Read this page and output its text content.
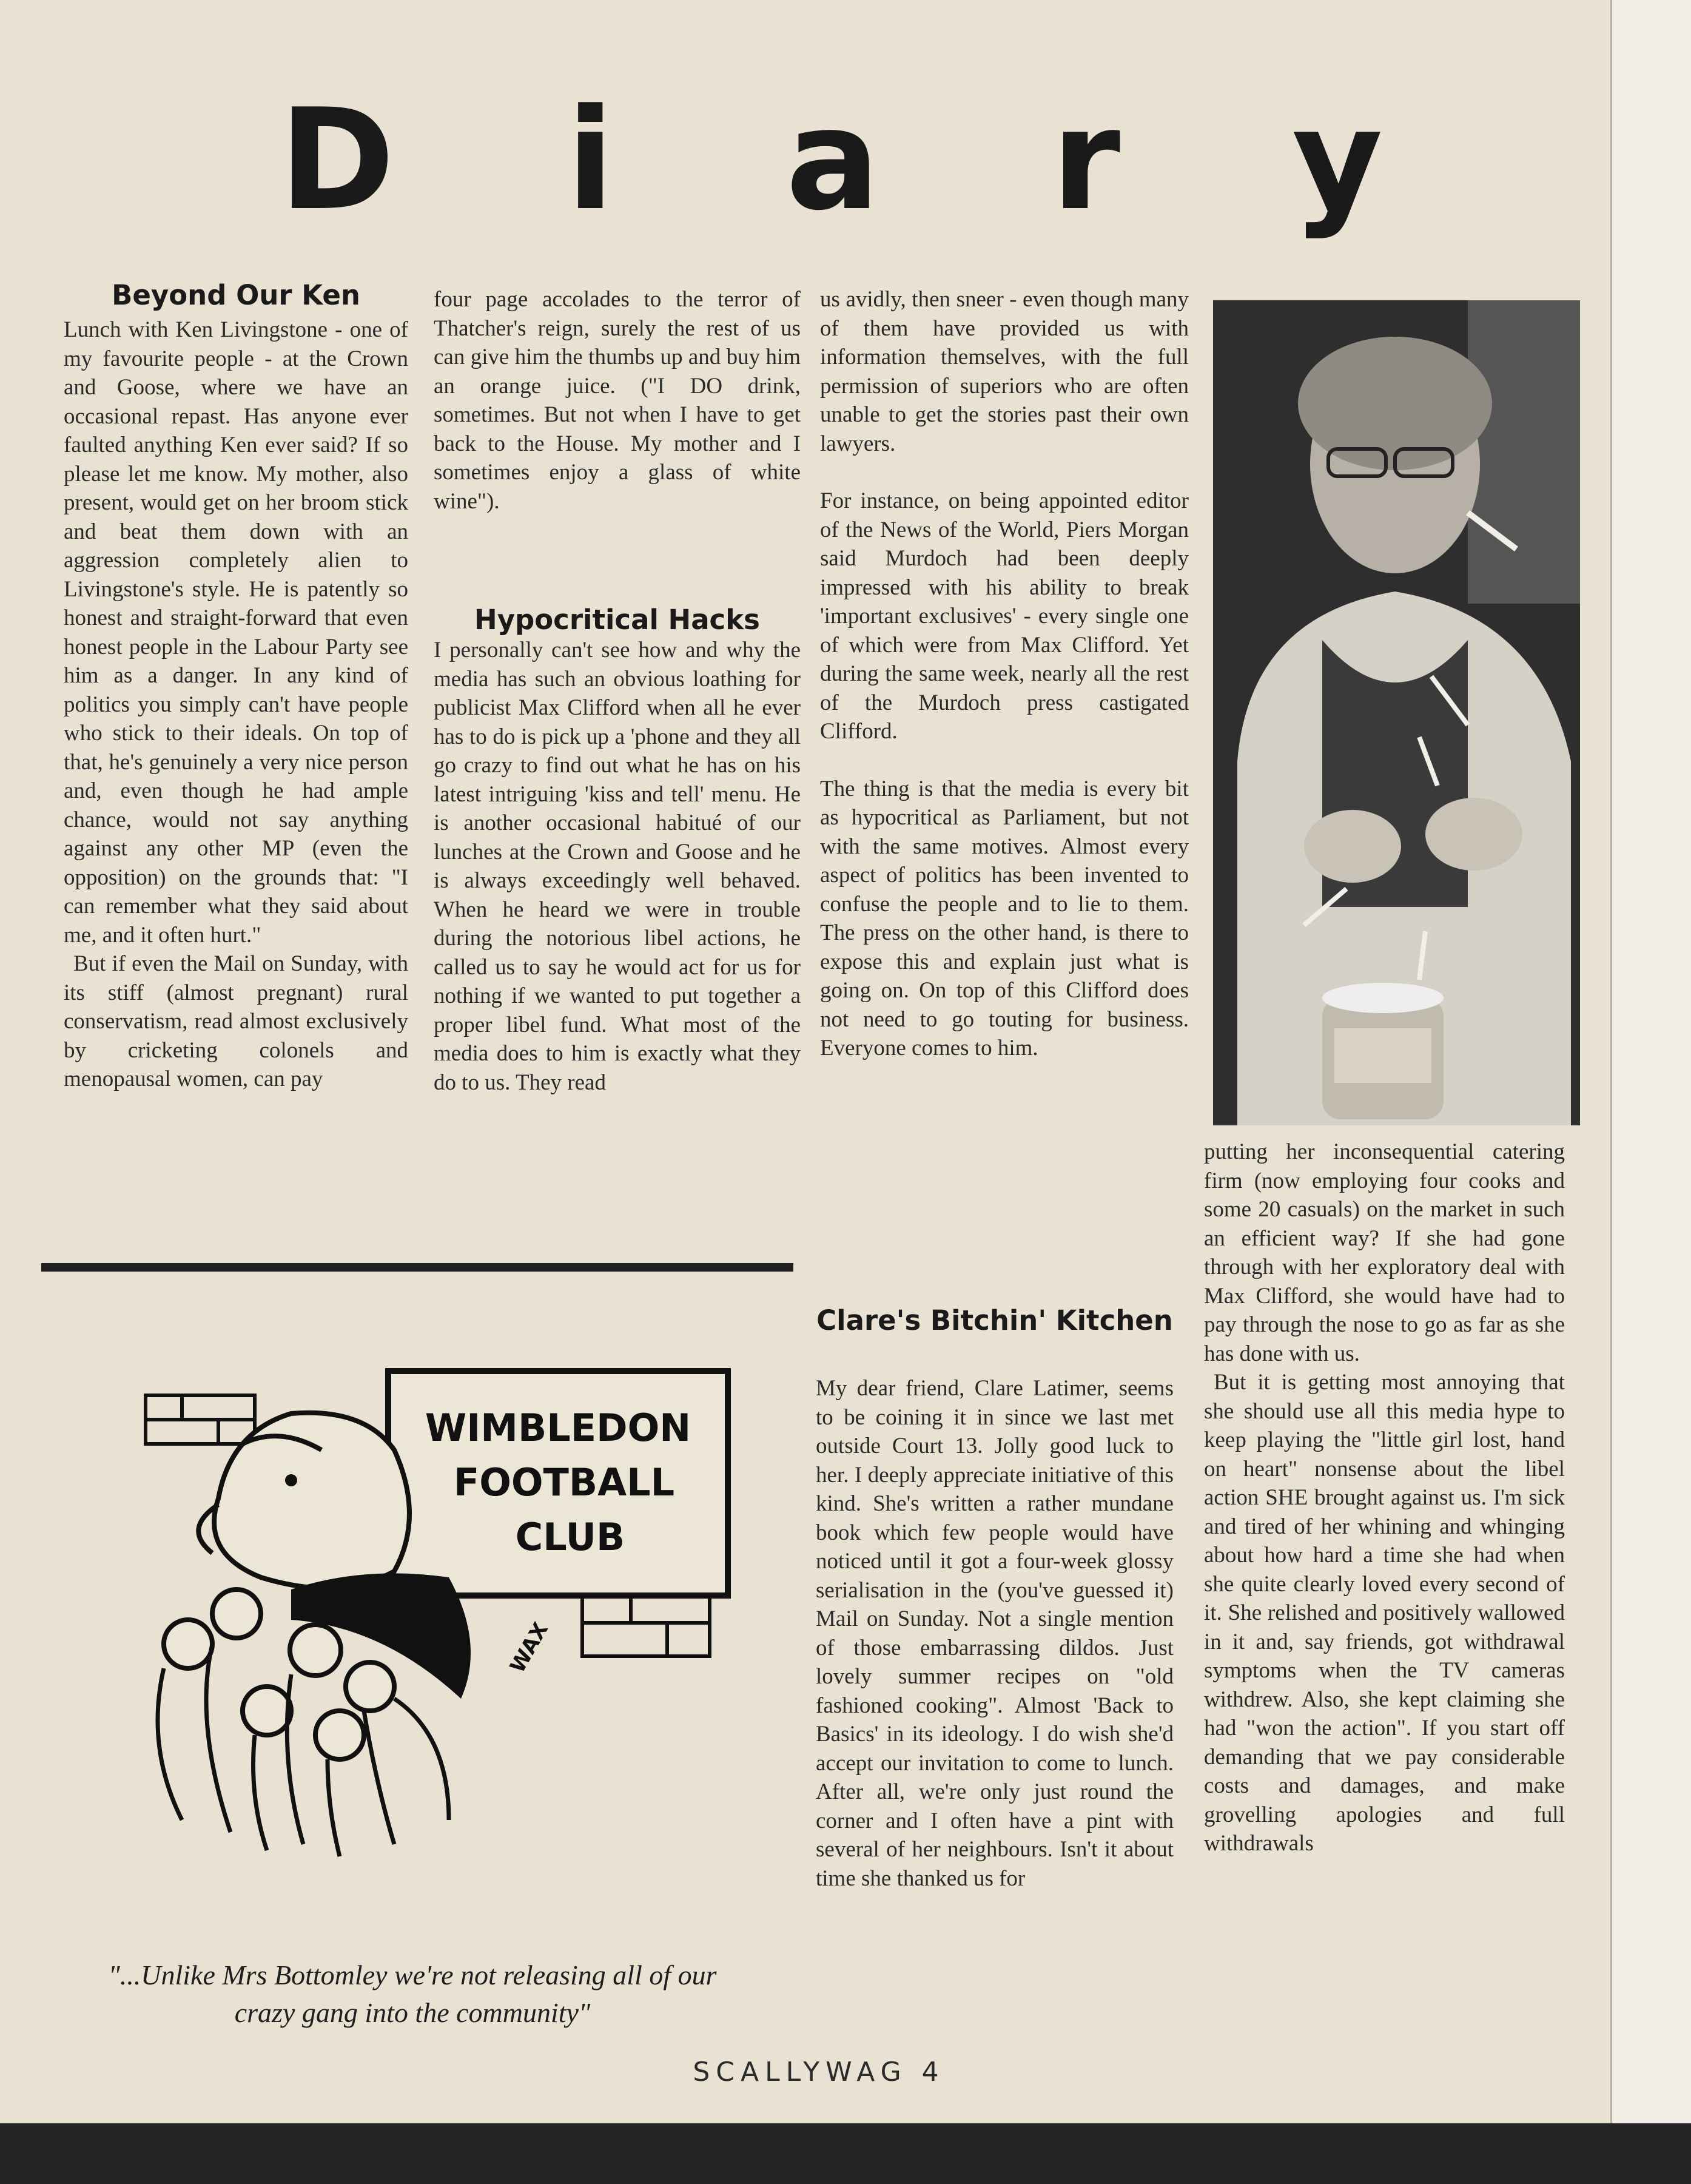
D i a r y
Beyond Our Ken

Lunch with Ken Livingstone - one of my favourite people - at the Crown and Goose, where we have an occasional repast. Has anyone ever faulted anything Ken ever said? If so please let me know. My mother, also present, would get on her broom stick and beat them down with an aggression completely alien to Livingstone's style. He is patently so honest and straight-forward that even honest people in the Labour Party see him as a danger. In any kind of politics you simply can't have people who stick to their ideals. On top of that, he's genuinely a very nice person and, even though he had ample chance, would not say anything against any other MP (even the opposition) on the grounds that: "I can remember what they said about me, and it often hurt."

But if even the Mail on Sunday, with its stiff (almost pregnant) rural conservatism, read almost exclusively by cricketing colonels and menopausal women, can pay

four page accolades to the terror of Thatcher's reign, surely the rest of us can give him the thumbs up and buy him an orange juice. ("I DO drink, sometimes. But not when I have to get back to the House. My mother and I sometimes enjoy a glass of white wine").

Hypocritical Hacks

I personally can't see how and why the media has such an obvious loathing for publicist Max Clifford when all he ever has to do is pick up a 'phone and they all go crazy to find out what he has on his latest intriguing 'kiss and tell' menu. He is another occasional habitué of our lunches at the Crown and Goose and he is always exceedingly well behaved. When he heard we were in trouble during the notorious libel actions, he called us to say he would act for us for nothing if we wanted to put together a proper libel fund. What most of the media does to him is exactly what they do to us. They read

us avidly, then sneer - even though many of them have provided us with information themselves, with the full permission of superiors who are often unable to get the stories past their own lawyers.

For instance, on being appointed editor of the News of the World, Piers Morgan said Murdoch had been deeply impressed with his ability to break 'important exclusives' - every single one of which were from Max Clifford. Yet during the same week, nearly all the rest of the Murdoch press castigated Clifford.

The thing is that the media is every bit as hypocritical as Parliament, but not with the same motives. Almost every aspect of politics has been invented to confuse the people and to lie to them. The press on the other hand, is there to expose this and explain just what is going on. On top of this Clifford does not need to go touting for business. Everyone comes to him.

putting her inconsequential catering firm (now employing four cooks and some 20 casuals) on the market in such an efficient way? If she had gone through with her exploratory deal with Max Clifford, she would have had to pay through the nose to go as far as she has done with us.

But it is getting most annoying that she should use all this media hype to keep playing the "little girl lost, hand on heart" nonsense about the libel action SHE brought against us. I'm sick and tired of her whining and whinging about how hard a time she had when she quite clearly loved every second of it. She relished and positively wallowed in it and, say friends, got withdrawal symptoms when the TV cameras withdrew. Also, she kept claiming she had "won the action". If you start off demanding that we pay considerable costs and damages, and make grovelling apologies and full withdrawals

Clare's Bitchin' Kitchen

My dear friend, Clare Latimer, seems to be coining it in since we last met outside Court 13. Jolly good luck to her. I deeply appreciate initiative of this kind. She's written a rather mundane book which few people would have noticed until it got a four-week glossy serialisation in the (you've guessed it) Mail on Sunday. Not a single mention of those embarrassing dildos. Just lovely summer recipes on "old fashioned cooking". Almost 'Back to Basics' in its ideology. I do wish she'd accept our invitation to come to lunch. After all, we're only just round the corner and I often have a pint with several of her neighbours. Isn't it about time she thanked us for

WIMBLEDON
FOOTBALL
CLUB
WAX
"...Unlike Mrs Bottomley we're not releasing all of our
crazy gang into the community"
SCALLYWAG 4
